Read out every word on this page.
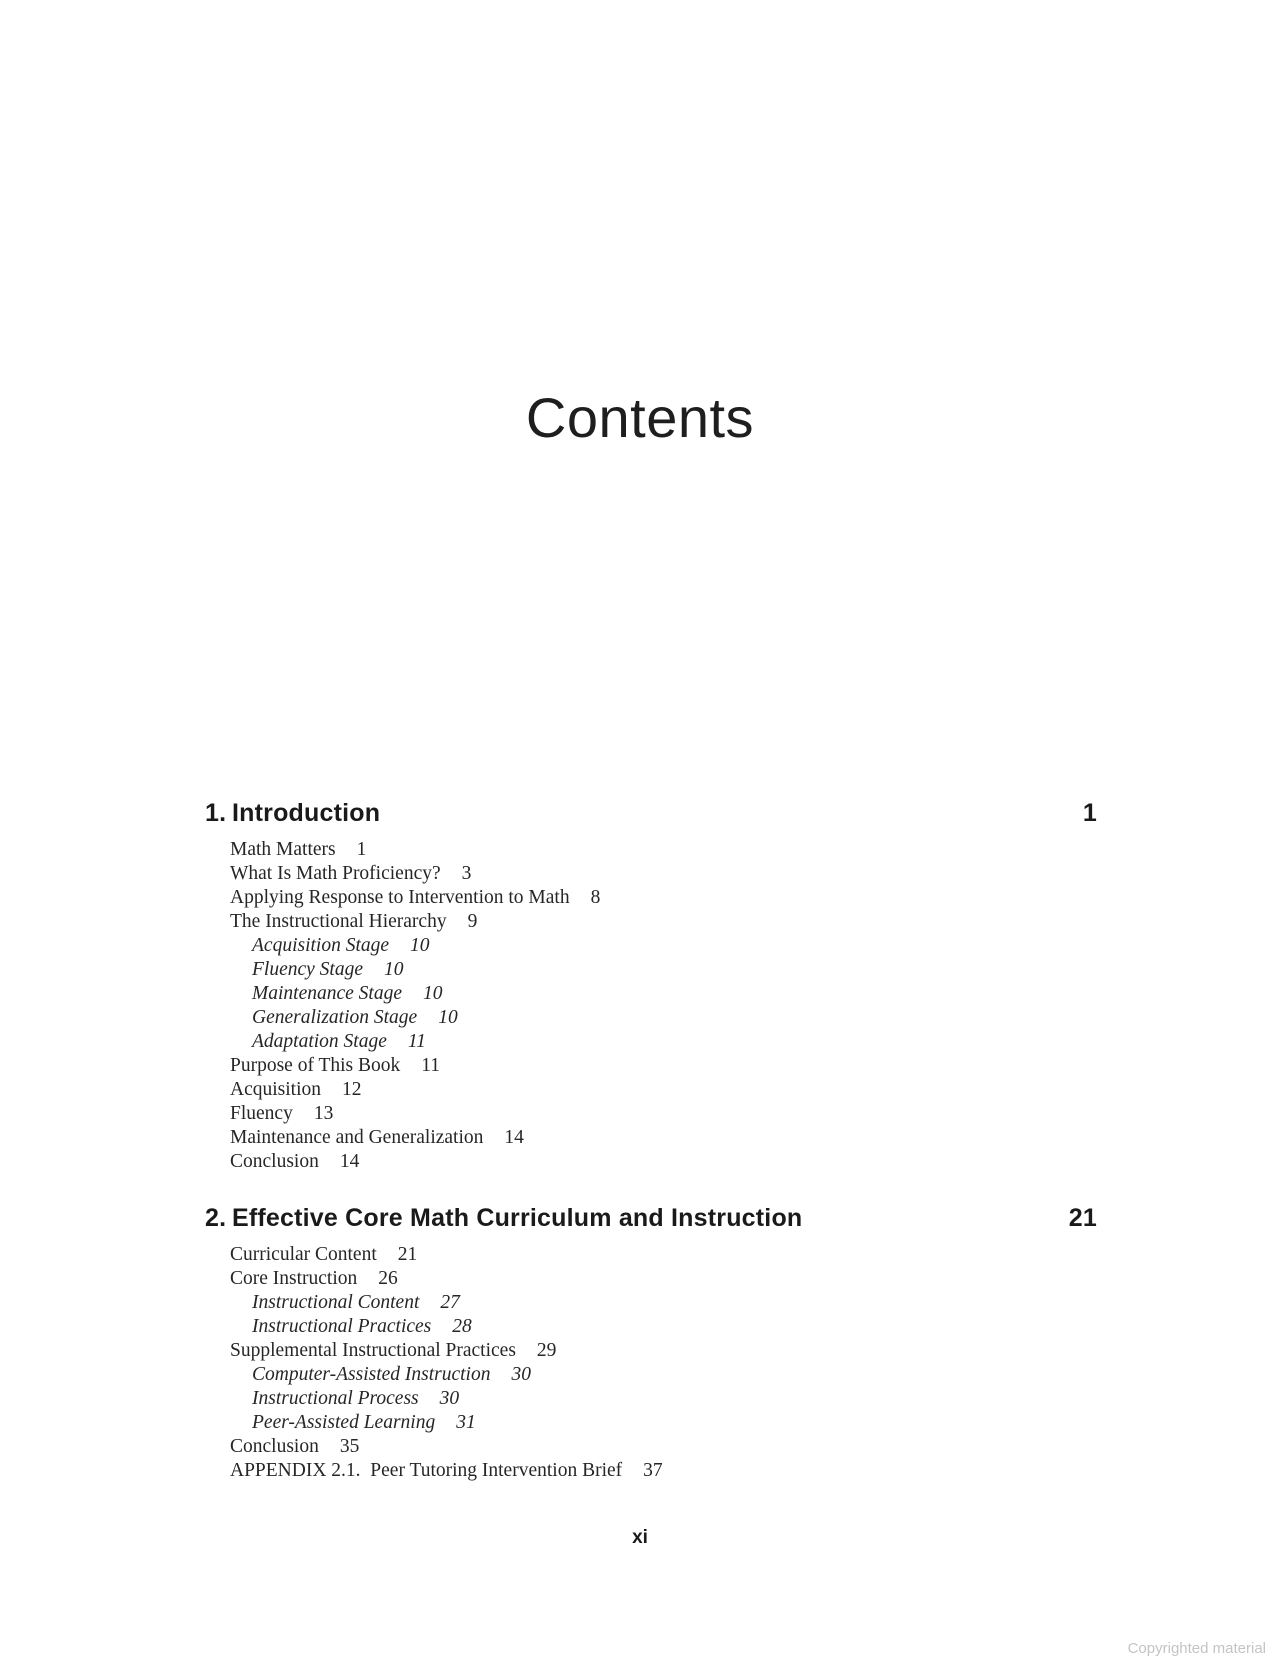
Contents
1. Introduction	1
Math Matters 1
What Is Math Proficiency? 3
Applying Response to Intervention to Math 8
The Instructional Hierarchy 9
Acquisition Stage 10
Fluency Stage 10
Maintenance Stage 10
Generalization Stage 10
Adaptation Stage 11
Purpose of This Book 11
Acquisition 12
Fluency 13
Maintenance and Generalization 14
Conclusion 14
2. Effective Core Math Curriculum and Instruction	21
Curricular Content 21
Core Instruction 26
Instructional Content 27
Instructional Practices 28
Supplemental Instructional Practices 29
Computer-Assisted Instruction 30
Instructional Process 30
Peer-Assisted Learning 31
Conclusion 35
APPENDIX 2.1. Peer Tutoring Intervention Brief 37
xi
Copyrighted material
